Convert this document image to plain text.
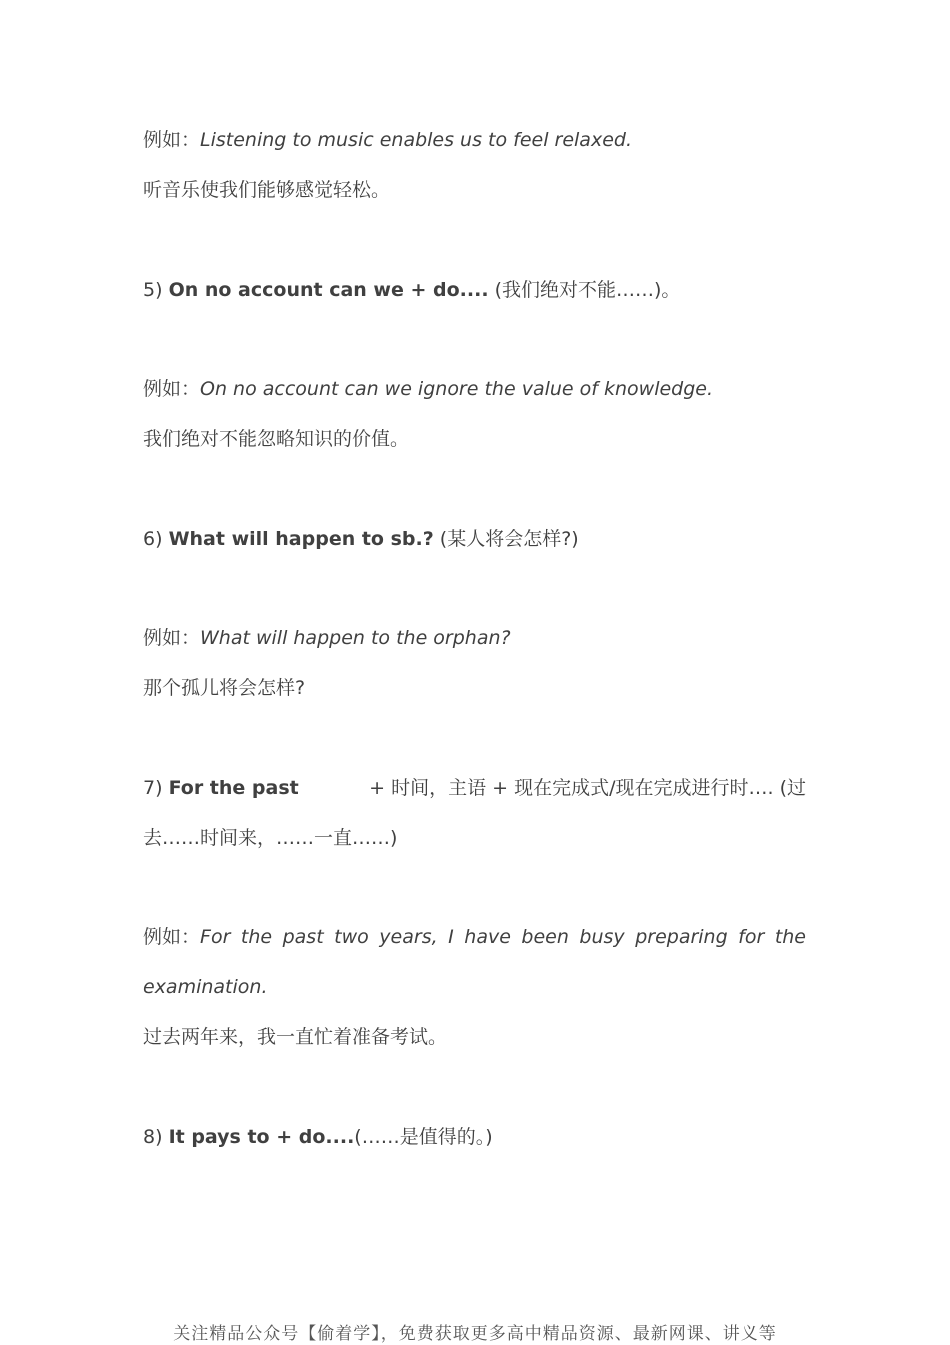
例如：Listening to music enables us to feel relaxed.
听音乐使我们能够感觉轻松。
5) On no account can we + do.... (我们绝对不能……)。
例如：On no account can we ignore the value of knowledge.
我们绝对不能忽略知识的价值。
6) What will happen to sb.? (某人将会怎样?)
例如：What will happen to the orphan?
那个孤儿将会怎样?
7) For the past	+ 时间，主语 + 现在完成式/现在完成进行时…. (过
去……时间来，……一直……)
例如： For the past two years, I have been busy preparing for the
examination.
过去两年来，我一直忙着准备考试。
8) It pays to + do....(……是值得的。)
关注精品公众号【偷着学】，免费获取更多高中精品资源、最新网课、讲义等
